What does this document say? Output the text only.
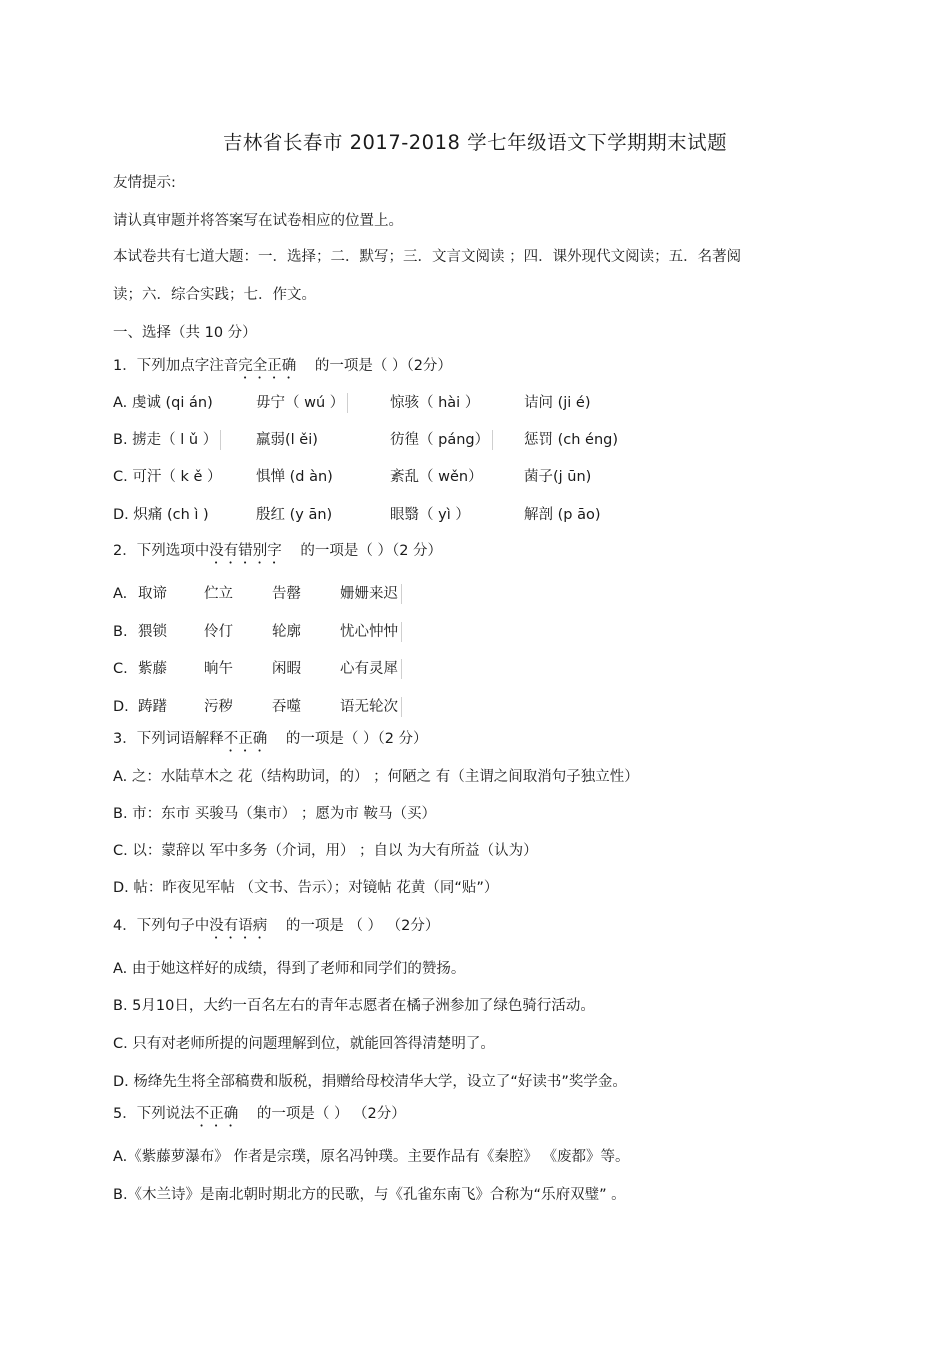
吉林省长春市 2017-2018 学七年级语文下学期期末试题
友情提示:
请认真审题并将答案写在试卷相应的位置上。
本试卷共有七道大题：一．选择；二．默写；三．文言文阅读 ；四．课外现代文阅读；五．名著阅
读；六．综合实践；七．作文。
一、选择（共 10 分）
1．下列加点字注音完全正确 的一项是（ ）（2分）
A. 虔诚 (qi án)	毋宁（ wú ）	惊骇（ hài ）	诘问 (ji é)
B. 掳走（ l ǔ ）	羸弱(l ěi)	彷徨（ páng） 惩罚 (ch éng)
C. 可汗（ k ě ） 惧惮 (d àn)	紊乱（ wěn）	菌子(j ūn)
D. 炽痛 (ch ì )	殷红 (y ān)	眼翳（ yì ）	解剖 (p āo)
2．下列选项中没有错别字 的一项是（ ）（2 分）
A. 取谛	伫立	告罄	姗姗来迟
B. 猥锁	伶仃	轮廓	忧心忡忡
C. 紫藤	晌午	闲暇	心有灵犀
D. 踌躇	污秽	吞噬	语无轮次
3．下列词语解释不正确 的一项是（ ）（2 分）
A. 之：水陆草木之 花（结构助词，的） ；何陋之 有（主谓之间取消句子独立性）
B. 市：东市 买骏马（集市） ；愿为市 鞍马（买）
C. 以：蒙辞以 军中多务（介词，用） ；自以 为大有所益（认为）
D. 帖：昨夜见军帖 （文书、告示）；对镜帖 花黄（同“贴”）
4．下列句子中没有语病 的一项是 （ ） （2分）
A. 由于她这样好的成绩，得到了老师和同学们的赞扬。
B. 5月10日，大约一百名左右的青年志愿者在橘子洲参加了绿色骑行活动。
C. 只有对老师所提的问题理解到位，就能回答得清楚明了。
D. 杨绛先生将全部稿费和版税，捐赠给母校清华大学，设立了“好读书”奖学金。
5．下列说法不正确 的一项是（ ） （2分）
A.《紫藤萝瀑布》 作者是宗璞，原名冯钟璞。主要作品有《秦腔》 《废都》等。
B.《木兰诗》是南北朝时期北方的民歌，与《孔雀东南飞》合称为“乐府双璧” 。
